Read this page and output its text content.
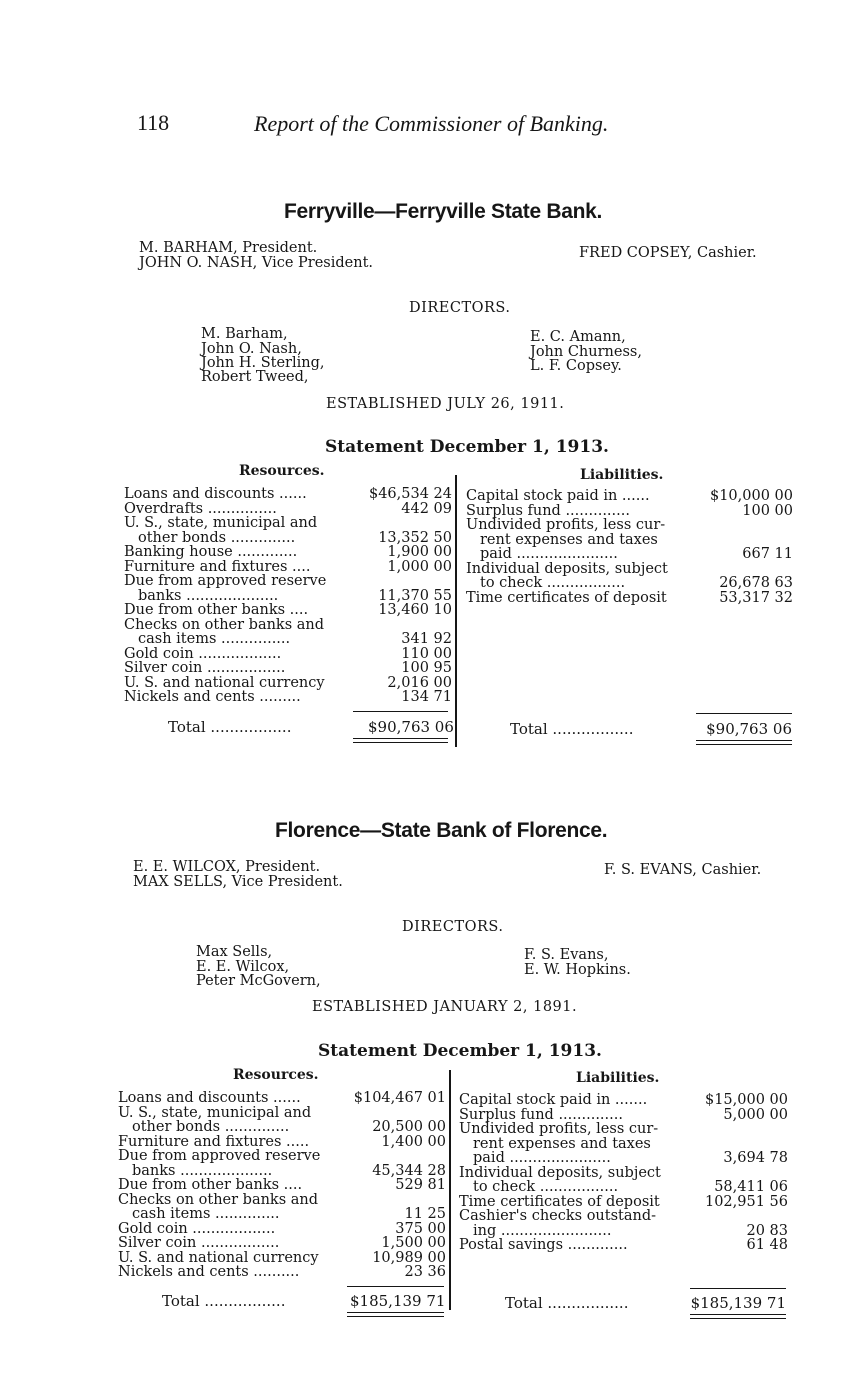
118	Report of the Commissioner of Banking.
Ferryville—Ferryville State Bank.
M. BARHAM, President.
JOHN O. NASH, Vice President.
FRED COPSEY, Cashier.
DIRECTORS.
M. Barham,
John O. Nash,
John H. Sterling,
Robert Tweed,
E. C. Amann,
John Churness,
L. F. Copsey.
ESTABLISHED JULY 26, 1911.
Statement December 1, 1913.
Resources.	Liabilities.
Loans and discounts ......	$46,534 24
Overdrafts ...............	442 09
U. S., state, municipal and
other bonds ..............	13,352 50
Banking house .............	1,900 00
Furniture and fixtures ....	1,000 00
Due from approved reserve
banks ....................	11,370 55
Due from other banks ....	13,460 10
Checks on other banks and
cash items ...............	341 92
Gold coin ..................	110 00
Silver coin .................	100 95
U. S. and national currency	2,016 00
Nickels and cents .........	134 71
Capital stock paid in ......	$10,000 00
Surplus fund ..............	100 00
Undivided profits, less cur-
rent expenses and taxes
paid ......................	667 11
Individual deposits, subject
to check .................	26,678 63
Time certificates of deposit	53,317 32
Total .................	$90,763 06	Total .................	$90,763 06
Florence—State Bank of Florence.
E. E. WILCOX, President.
MAX SELLS, Vice President.
F. S. EVANS, Cashier.
DIRECTORS.
Max Sells,
E. E. Wilcox,
Peter McGovern,
F. S. Evans,
E. W. Hopkins.
ESTABLISHED JANUARY 2, 1891.
Statement December 1, 1913.
Resources.	Liabilities.
Loans and discounts ......	$104,467 01
U. S., state, municipal and
other bonds ..............	20,500 00
Furniture and fixtures .....	1,400 00
Due from approved reserve
banks ....................	45,344 28
Due from other banks ....	529 81
Checks on other banks and
cash items ..............	11 25
Gold coin ..................	375 00
Silver coin .................	1,500 00
U. S. and national currency	10,989 00
Nickels and cents ..........	23 36
Capital stock paid in .......	$15,000 00
Surplus fund ..............	5,000 00
Undivided profits, less cur-
rent expenses and taxes
paid ......................	3,694 78
Individual deposits, subject
to check .................	58,411 06
Time certificates of deposit	102,951 56
Cashier's checks outstand-
ing ........................	20 83
Postal savings .............	61 48
Total .................	$185,139 71	Total .................	$185,139 71
